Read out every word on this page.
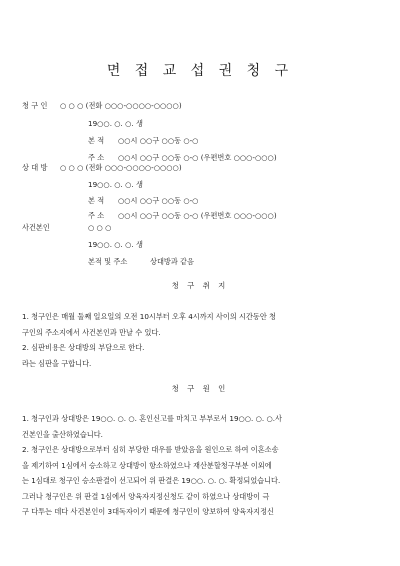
면 접 교 섭 권 청 구
청 구 인 ○ ○ ○ (전화 ○○○-○○○○-○○○○)
19○○. ○. ○. 생
본 적 ○○시 ○○구 ○○동 ○-○
주 소 ○○시 ○○구 ○○동 ○-○ (우편번호 ○○○-○○○)
상 대 방 ○ ○ ○ (전화 ○○○-○○○○-○○○○)
19○○. ○. ○. 생
본 적 ○○시 ○○구 ○○동 ○-○
주 소 ○○시 ○○구 ○○동 ○-○ (우편번호 ○○○-○○○)
사건본인	○ ○ ○
19○○. ○. ○. 생
본적 및 주소	상대방과 같음
청 구 취 지
1. 청구인은 매월 둘째 일요일의 오전 10시부터 오후 4시까지 사이의 시간동안 청
구인의 주소지에서 사건본인과 만날 수 있다.
2. 심판비용은 상대방의 부담으로 한다.
라는 심판을 구합니다.
청 구 원 인
1. 청구인과 상대방은 19○○. ○. ○. 혼인신고를 마치고 부부로서 19○○. ○. ○.사
건본인을 출산하였습니다.
2. 청구인은 상대방으로부터 심히 부당한 대우를 받았음을 원인으로 하여 이혼소송
을 제기하여 1심에서 승소하고 상대방이 항소하였으나 재산분할청구부분 이외에
는 1심대로 청구인 승소판결이 선고되어 위 판결은 19○○. ○. ○. 확정되었습니다.
그러나 청구인은 위 판결 1심에서 양육자지정신청도 같이 하였으나 상대방이 극
구 다투는 데다 사건본인이 3대독자이기 때문에 청구인이 양보하여 양육자지정신
